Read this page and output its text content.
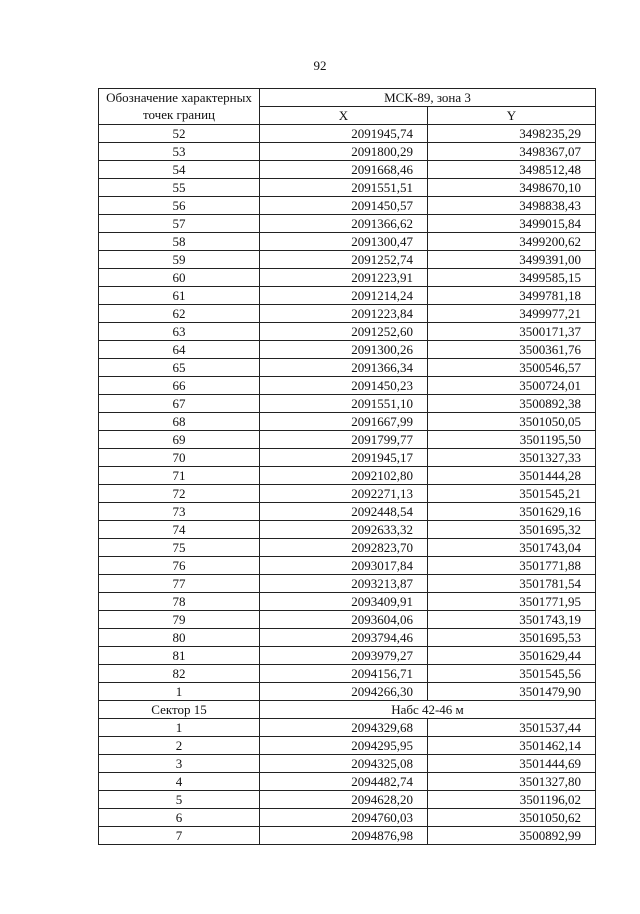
92
Обозначение характерных точек границ	МСК-89, зона 3	
	X	Y
52	2091945,74	3498235,29
53	2091800,29	3498367,07
54	2091668,46	3498512,48
55	2091551,51	3498670,10
56	2091450,57	3498838,43
57	2091366,62	3499015,84
58	2091300,47	3499200,62
59	2091252,74	3499391,00
60	2091223,91	3499585,15
61	2091214,24	3499781,18
62	2091223,84	3499977,21
63	2091252,60	3500171,37
64	2091300,26	3500361,76
65	2091366,34	3500546,57
66	2091450,23	3500724,01
67	2091551,10	3500892,38
68	2091667,99	3501050,05
69	2091799,77	3501195,50
70	2091945,17	3501327,33
71	2092102,80	3501444,28
72	2092271,13	3501545,21
73	2092448,54	3501629,16
74	2092633,32	3501695,32
75	2092823,70	3501743,04
76	2093017,84	3501771,88
77	2093213,87	3501781,54
78	2093409,91	3501771,95
79	2093604,06	3501743,19
80	2093794,46	3501695,53
81	2093979,27	3501629,44
82	2094156,71	3501545,56
1	2094266,30	3501479,90
Сектор 15	Набс 42-46 м	
1	2094329,68	3501537,44
2	2094295,95	3501462,14
3	2094325,08	3501444,69
4	2094482,74	3501327,80
5	2094628,20	3501196,02
6	2094760,03	3501050,62
7	2094876,98	3500892,99
